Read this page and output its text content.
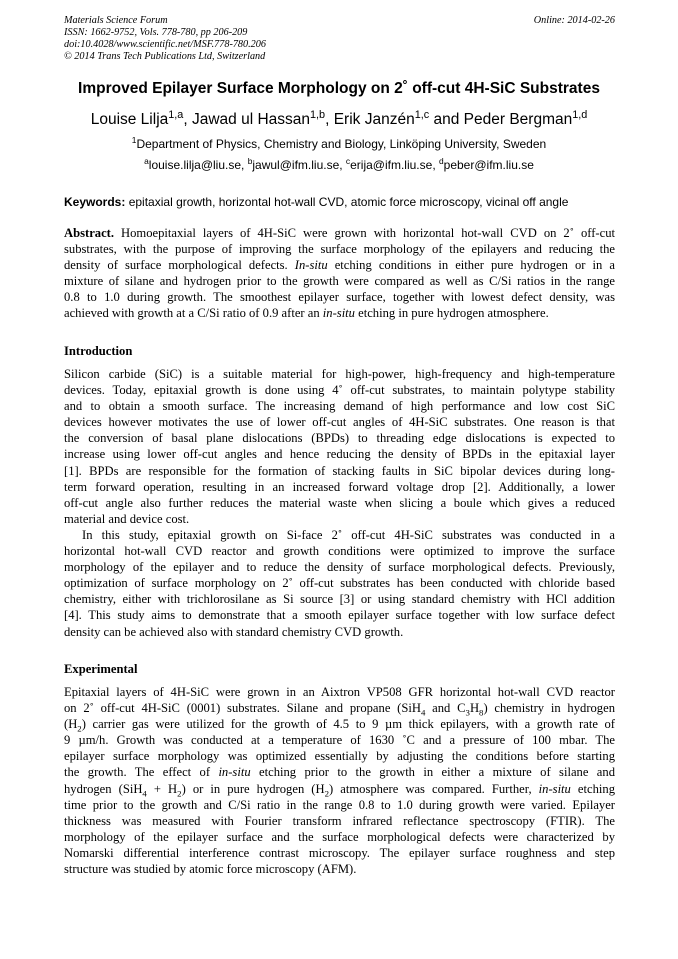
Materials Science Forum
ISSN: 1662-9752, Vols. 778-780, pp 206-209
doi:10.4028/www.scientific.net/MSF.778-780.206
© 2014 Trans Tech Publications Ltd, Switzerland
Online: 2014-02-26
Improved Epilayer Surface Morphology on 2˚ off-cut 4H-SiC Substrates
Louise Lilja$^{1,a}$, Jawad ul Hassan$^{1,b}$, Erik Janzén$^{1,c}$ and Peder Bergman$^{1,d}$
$^1$Department of Physics, Chemistry and Biology, Linköping University, Sweden
$^a$louise.lilja@liu.se, $^b$jawul@ifm.liu.se, $^c$erija@ifm.liu.se, $^d$peber@ifm.liu.se
Keywords: epitaxial growth, horizontal hot-wall CVD, atomic force microscopy, vicinal off angle
Abstract. Homoepitaxial layers of 4H-SiC were grown with horizontal hot-wall CVD on 2˚ off-cut
substrates, with the purpose of improving the surface morphology of the epilayers and reducing the
density of surface morphological defects. In-situ etching conditions in either pure hydrogen or in a
mixture of silane and hydrogen prior to the growth were compared as well as C/Si ratios in the range
0.8 to 1.0 during growth. The smoothest epilayer surface, together with lowest defect density, was
achieved with growth at a C/Si ratio of 0.9 after an in-situ etching in pure hydrogen atmosphere.
Introduction
Silicon carbide (SiC) is a suitable material for high-power, high-frequency and high-temperature
devices. Today, epitaxial growth is done using 4˚ off-cut substrates, to maintain polytype stability
and to obtain a smooth surface. The increasing demand of high performance and low cost SiC
devices however motivates the use of lower off-cut angles of 4H-SiC substrates. One reason is that
the conversion of basal plane dislocations (BPDs) to threading edge dislocations is expected to
increase using lower off-cut angles and hence reducing the density of BPDs in the epitaxial layer
[1]. BPDs are responsible for the formation of stacking faults in SiC bipolar devices during long-
term forward operation, resulting in an increased forward voltage drop [2]. Additionally, a lower
off-cut angle also further reduces the material waste when slicing a boule which gives a reduced
material and device cost.
In this study, epitaxial growth on Si-face 2˚ off-cut 4H-SiC substrates was conducted in a
horizontal hot-wall CVD reactor and growth conditions were optimized to improve the surface
morphology of the epilayer and to reduce the density of surface morphological defects. Previously,
optimization of surface morphology on 2˚ off-cut substrates has been conducted with chloride based
chemistry, either with trichlorosilane as Si source [3] or using standard chemistry with HCl addition
[4]. This study aims to demonstrate that a smooth epilayer surface together with low surface defect
density can be achieved also with standard chemistry CVD growth.
Experimental
Epitaxial layers of 4H-SiC were grown in an Aixtron VP508 GFR horizontal hot-wall CVD reactor
on 2˚ off-cut 4H-SiC (0001) substrates. Silane and propane (SiH$_4$ and $C_3H_8$) chemistry in hydrogen
$(H_2)$ carrier gas were utilized for the growth of 4.5 to 9 µm thick epilayers, with a growth rate of
9 µm/h. Growth was conducted at a temperature of 1630 ˚C and a pressure of 100 mbar. The
epilayer surface morphology was optimized essentially by adjusting the conditions before starting
the growth. The effect of in-situ etching prior to the growth in either a mixture of silane and
hydrogen $(SiH_4 + H_2)$ or in pure hydrogen $(H_2)$ atmosphere was compared. Further, in-situ etching
time prior to the growth and C/Si ratio in the range 0.8 to 1.0 during growth were varied. Epilayer
thickness was measured with Fourier transform infrared reflectance spectroscopy (FTIR). The
morphology of the epilayer surface and the surface morphological defects were characterized by
Nomarski differential interference contrast microscopy. The epilayer surface roughness and step
structure was studied by atomic force microscopy (AFM).
